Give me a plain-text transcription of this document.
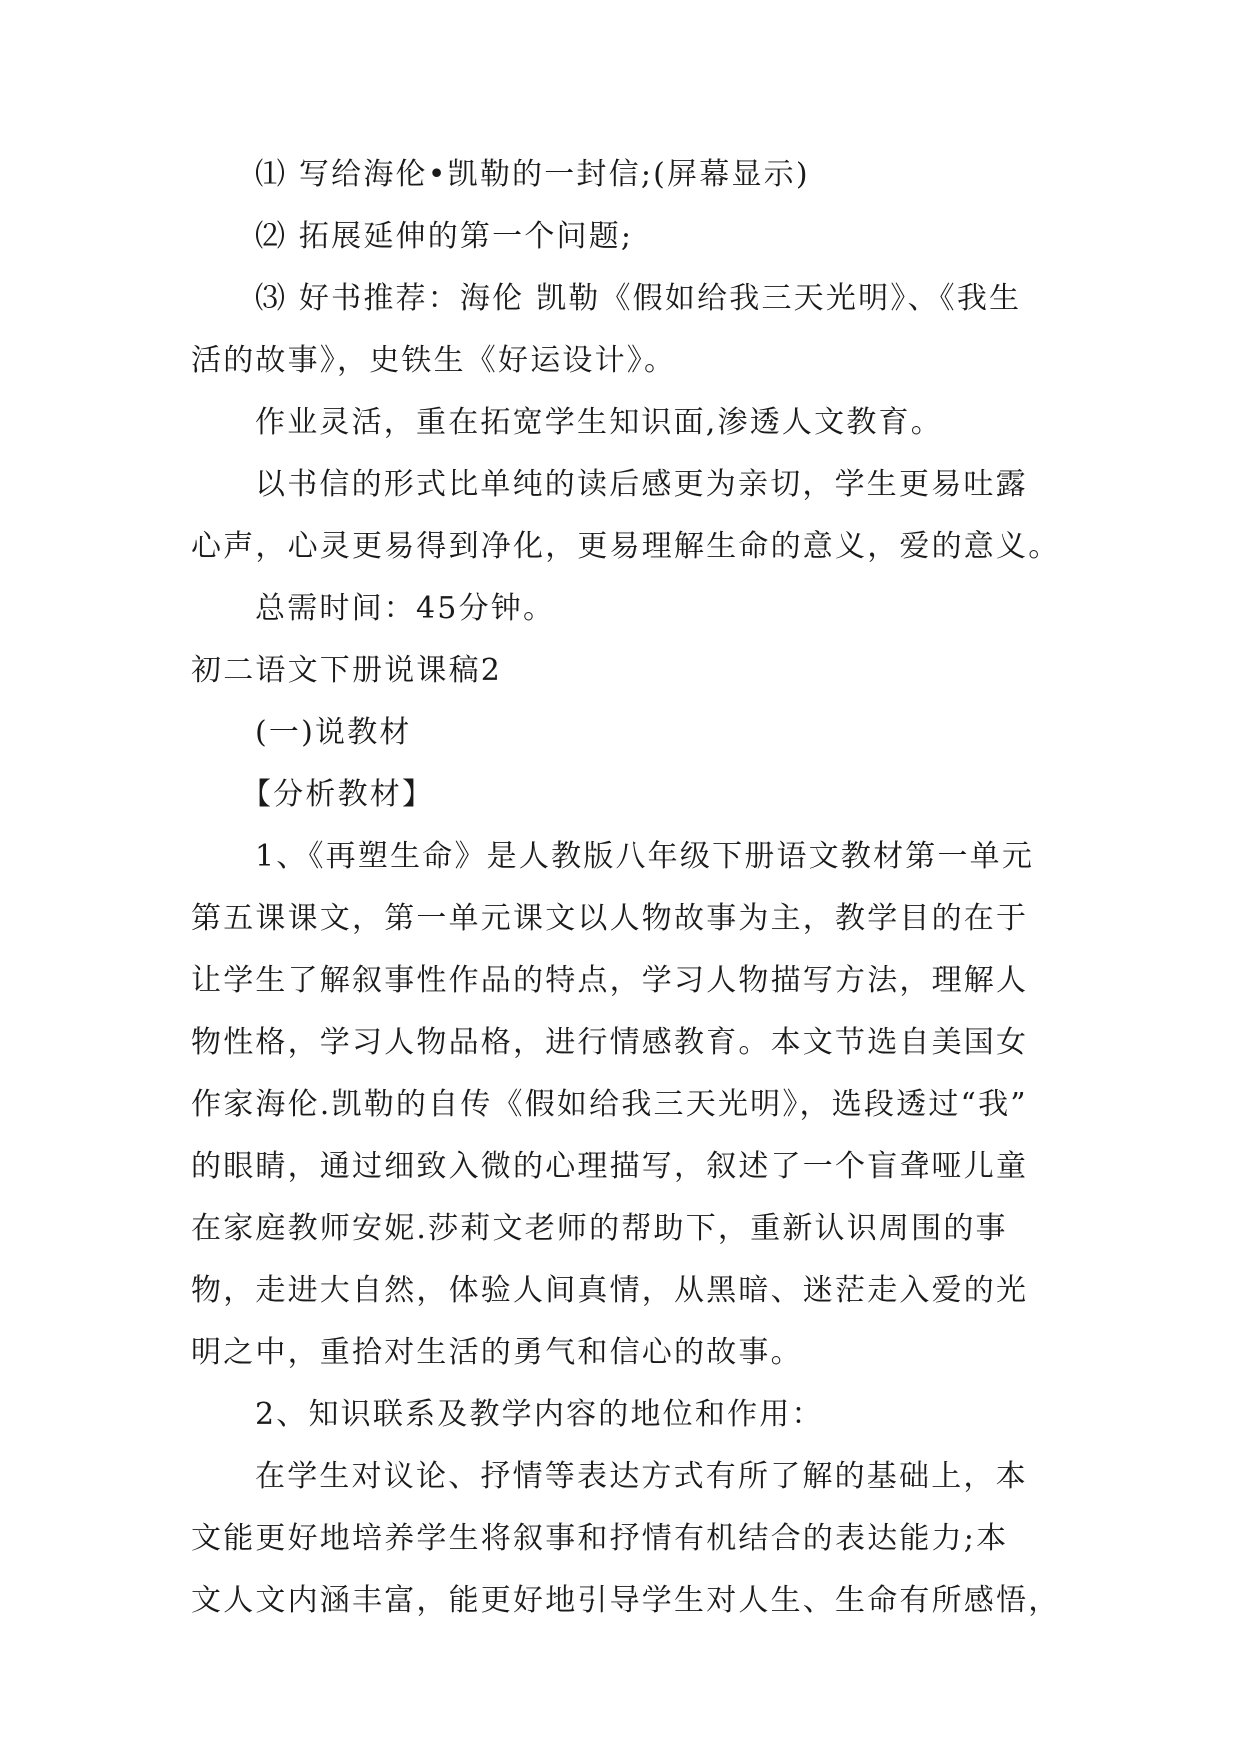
⑴ 写给海伦•凯勒的一封信;(屏幕显示)

⑵ 拓展延伸的第一个问题;

⑶ 好书推荐：海伦 凯勒《假如给我三天光明》、《我生

活的故事》，史铁生《好运设计》。

作业灵活，重在拓宽学生知识面,渗透人文教育。

以书信的形式比单纯的读后感更为亲切，学生更易吐露

心声，心灵更易得到净化，更易理解生命的意义，爱的意义。

总需时间：45分钟。

初二语文下册说课稿2

(一)说教材

【分析教材】

1、《再塑生命》是人教版八年级下册语文教材第一单元

第五课课文，第一单元课文以人物故事为主，教学目的在于

让学生了解叙事性作品的特点，学习人物描写方法，理解人

物性格，学习人物品格，进行情感教育。本文节选自美国女

作家海伦.凯勒的自传《假如给我三天光明》，选段透过“我”

的眼睛，通过细致入微的心理描写，叙述了一个盲聋哑儿童

在家庭教师安妮.莎莉文老师的帮助下，重新认识周围的事

物，走进大自然，体验人间真情，从黑暗、迷茫走入爱的光

明之中，重拾对生活的勇气和信心的故事。

2、知识联系及教学内容的地位和作用：

在学生对议论、抒情等表达方式有所了解的基础上，本

文能更好地培养学生将叙事和抒情有机结合的表达能力;本

文人文内涵丰富，能更好地引导学生对人生、生命有所感悟，
